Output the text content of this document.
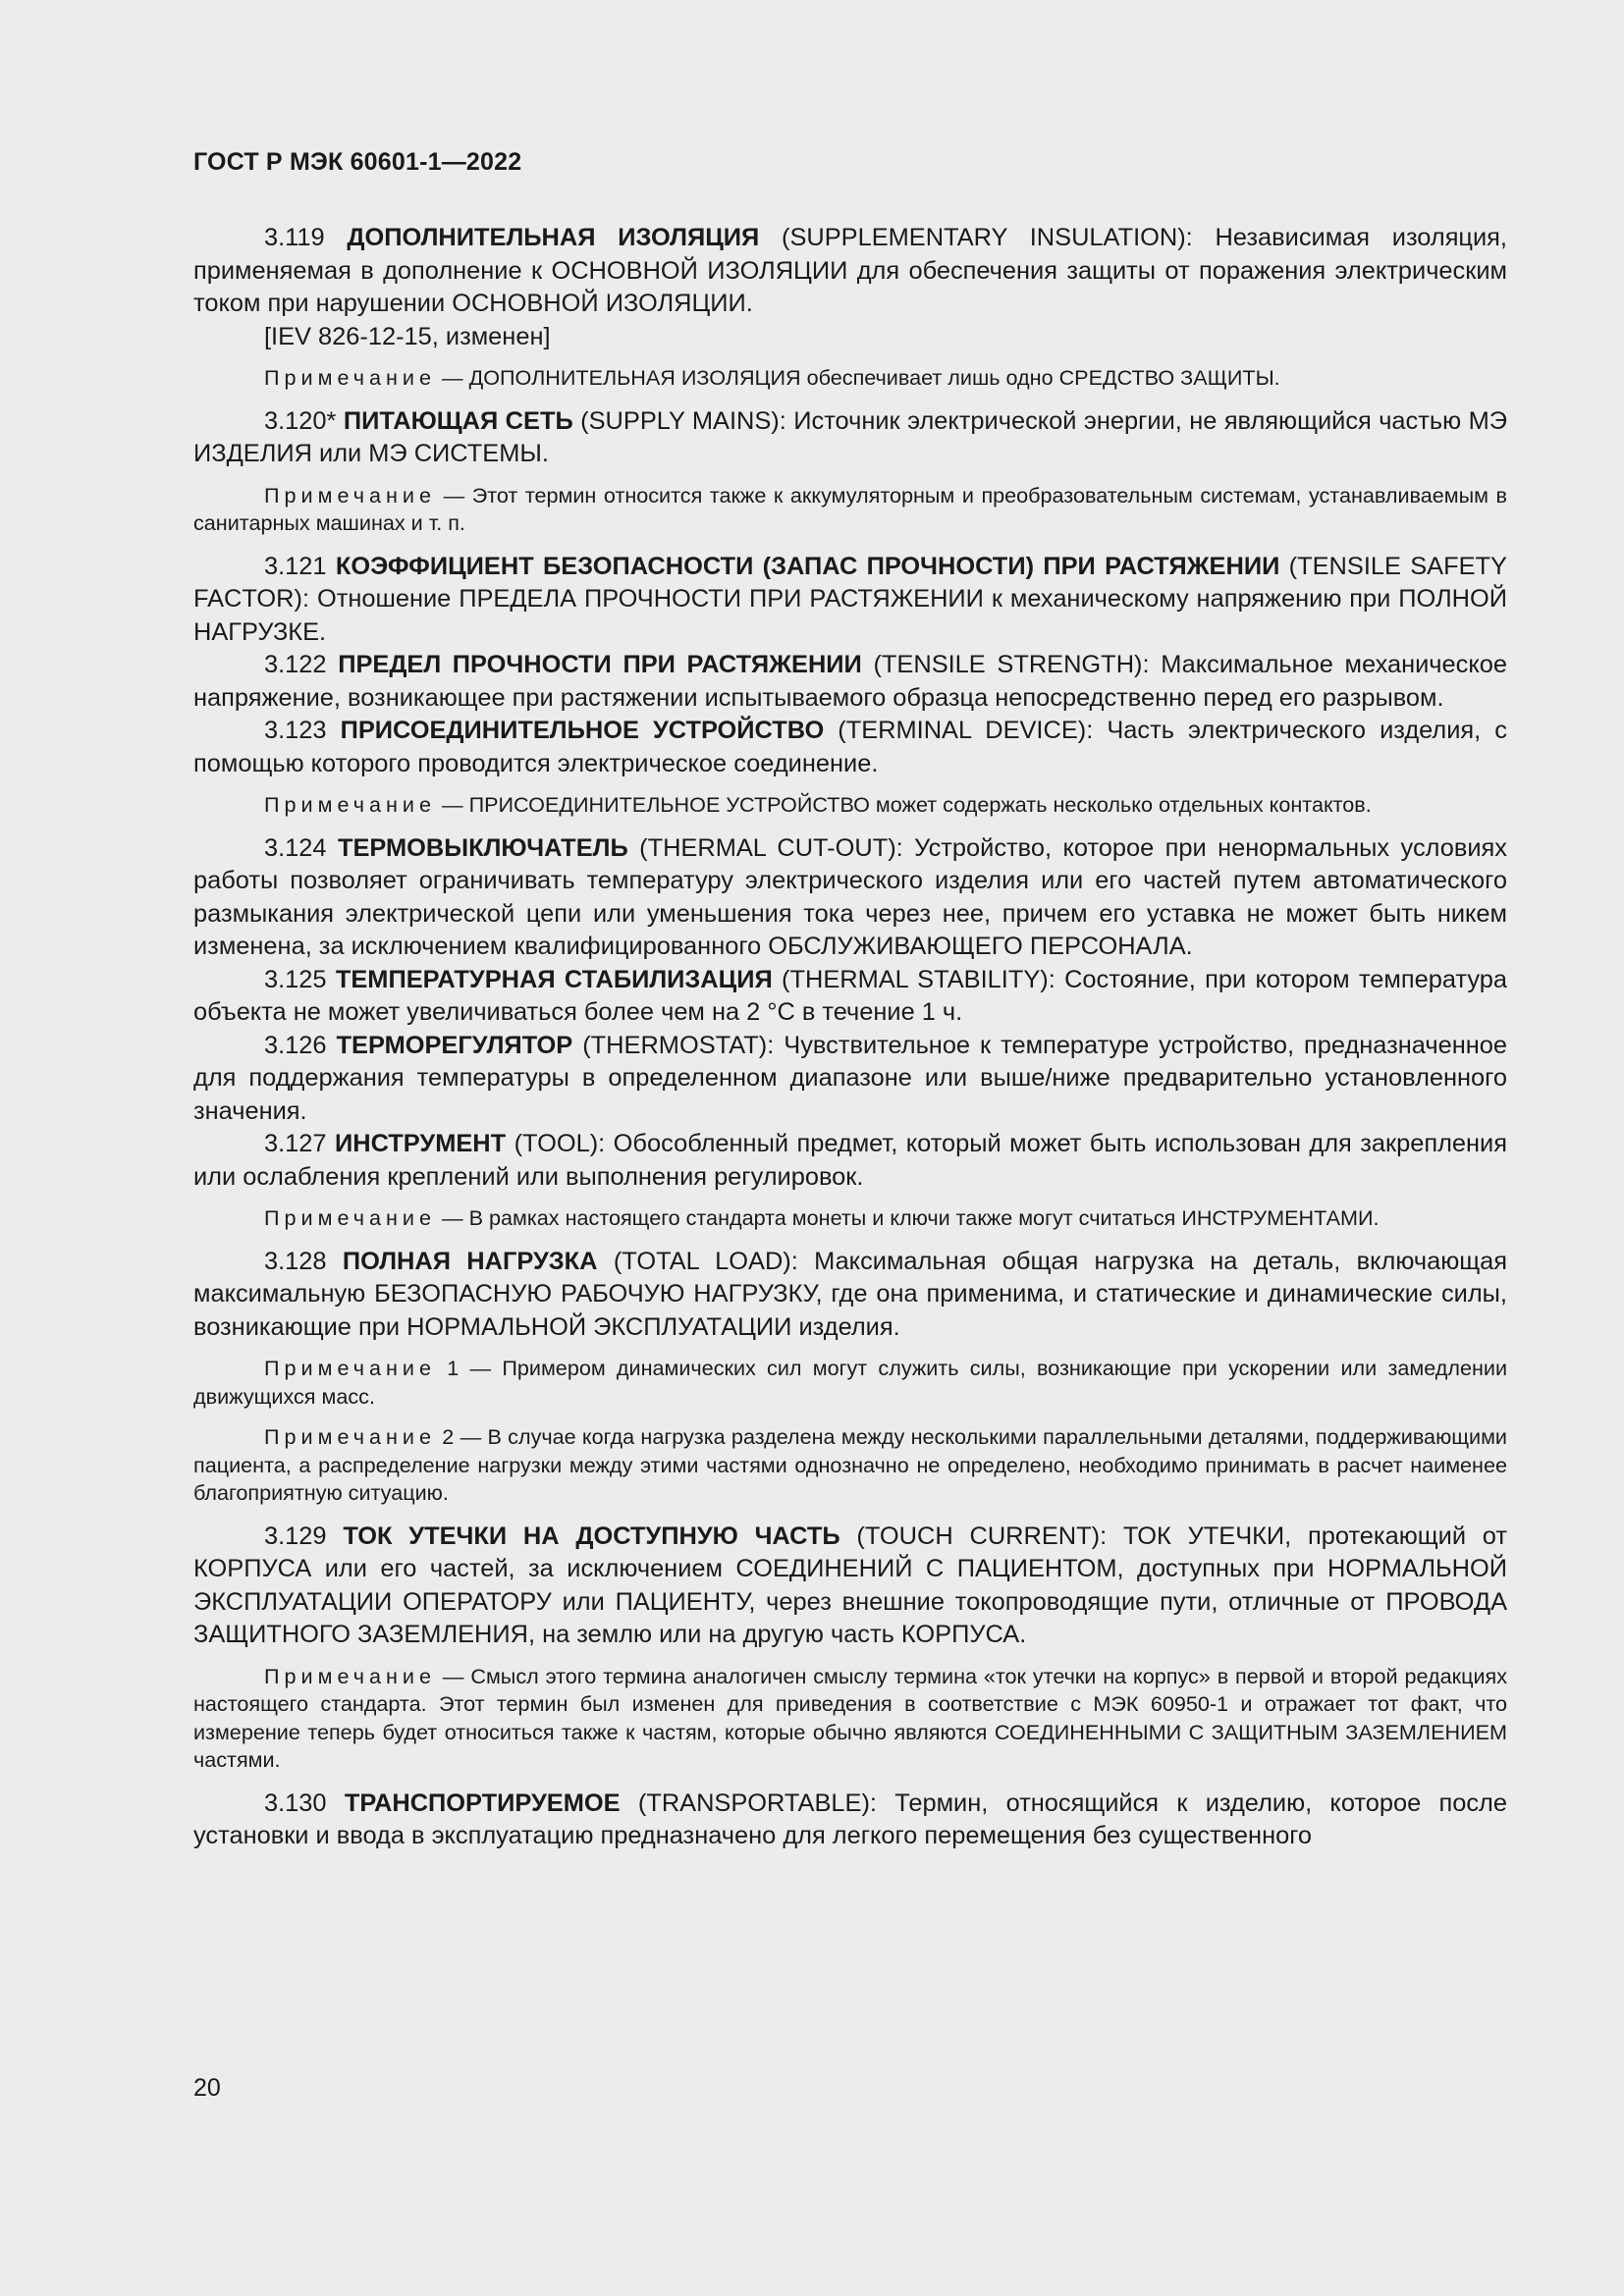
ГОСТ Р МЭК 60601-1—2022

3.119 ДОПОЛНИТЕЛЬНАЯ ИЗОЛЯЦИЯ (SUPPLEMENTARY INSULATION): Независимая изоляция, применяемая в дополнение к ОСНОВНОЙ ИЗОЛЯЦИИ для обеспечения защиты от поражения электрическим током при нарушении ОСНОВНОЙ ИЗОЛЯЦИИ.

[IEV 826-12-15, изменен]

Примечание — ДОПОЛНИТЕЛЬНАЯ ИЗОЛЯЦИЯ обеспечивает лишь одно СРЕДСТВО ЗАЩИТЫ.

3.120* ПИТАЮЩАЯ СЕТЬ (SUPPLY MAINS): Источник электрической энергии, не являющийся частью МЭ ИЗДЕЛИЯ или МЭ СИСТЕМЫ.

Примечание — Этот термин относится также к аккумуляторным и преобразовательным системам, устанавливаемым в санитарных машинах и т. п.

3.121 КОЭФФИЦИЕНТ БЕЗОПАСНОСТИ (ЗАПАС ПРОЧНОСТИ) ПРИ РАСТЯЖЕНИИ (TENSILE SAFETY FACTOR): Отношение ПРЕДЕЛА ПРОЧНОСТИ ПРИ РАСТЯЖЕНИИ к механическому напряжению при ПОЛНОЙ НАГРУЗКЕ.

3.122 ПРЕДЕЛ ПРОЧНОСТИ ПРИ РАСТЯЖЕНИИ (TENSILE STRENGTH): Максимальное механическое напряжение, возникающее при растяжении испытываемого образца непосредственно перед его разрывом.

3.123 ПРИСОЕДИНИТЕЛЬНОЕ УСТРОЙСТВО (TERMINAL DEVICE): Часть электрического изделия, с помощью которого проводится электрическое соединение.

Примечание — ПРИСОЕДИНИТЕЛЬНОЕ УСТРОЙСТВО может содержать несколько отдельных контактов.

3.124 ТЕРМОВЫКЛЮЧАТЕЛЬ (THERMAL CUT-OUT): Устройство, которое при ненормальных условиях работы позволяет ограничивать температуру электрического изделия или его частей путем автоматического размыкания электрической цепи или уменьшения тока через нее, причем его уставка не может быть никем изменена, за исключением квалифицированного ОБСЛУЖИВАЮЩЕГО ПЕРСОНАЛА.

3.125 ТЕМПЕРАТУРНАЯ СТАБИЛИЗАЦИЯ (THERMAL STABILITY): Состояние, при котором температура объекта не может увеличиваться более чем на 2 °С в течение 1 ч.

3.126 ТЕРМОРЕГУЛЯТОР (THERMOSTAT): Чувствительное к температуре устройство, предназначенное для поддержания температуры в определенном диапазоне или выше/ниже предварительно установленного значения.

3.127 ИНСТРУМЕНТ (TOOL): Обособленный предмет, который может быть использован для закрепления или ослабления креплений или выполнения регулировок.

Примечание — В рамках настоящего стандарта монеты и ключи также могут считаться ИНСТРУМЕНТАМИ.

3.128 ПОЛНАЯ НАГРУЗКА (TOTAL LOAD): Максимальная общая нагрузка на деталь, включающая максимальную БЕЗОПАСНУЮ РАБОЧУЮ НАГРУЗКУ, где она применима, и статические и динамические силы, возникающие при НОРМАЛЬНОЙ ЭКСПЛУАТАЦИИ изделия.

Примечание 1 — Примером динамических сил могут служить силы, возникающие при ускорении или замедлении движущихся масс.

Примечание 2 — В случае когда нагрузка разделена между несколькими параллельными деталями, поддерживающими пациента, а распределение нагрузки между этими частями однозначно не определено, необходимо принимать в расчет наименее благоприятную ситуацию.

3.129 ТОК УТЕЧКИ НА ДОСТУПНУЮ ЧАСТЬ (TOUCH CURRENT): ТОК УТЕЧКИ, протекающий от КОРПУСА или его частей, за исключением СОЕДИНЕНИЙ С ПАЦИЕНТОМ, доступных при НОРМАЛЬНОЙ ЭКСПЛУАТАЦИИ ОПЕРАТОРУ или ПАЦИЕНТУ, через внешние токопроводящие пути, отличные от ПРОВОДА ЗАЩИТНОГО ЗАЗЕМЛЕНИЯ, на землю или на другую часть КОРПУСА.

Примечание — Смысл этого термина аналогичен смыслу термина «ток утечки на корпус» в первой и второй редакциях настоящего стандарта. Этот термин был изменен для приведения в соответствие с МЭК 60950-1 и отражает тот факт, что измерение теперь будет относиться также к частям, которые обычно являются СОЕДИНЕННЫМИ С ЗАЩИТНЫМ ЗАЗЕМЛЕНИЕМ частями.

3.130 ТРАНСПОРТИРУЕМОЕ (TRANSPORTABLE): Термин, относящийся к изделию, которое после установки и ввода в эксплуатацию предназначено для легкого перемещения без существенного

20
